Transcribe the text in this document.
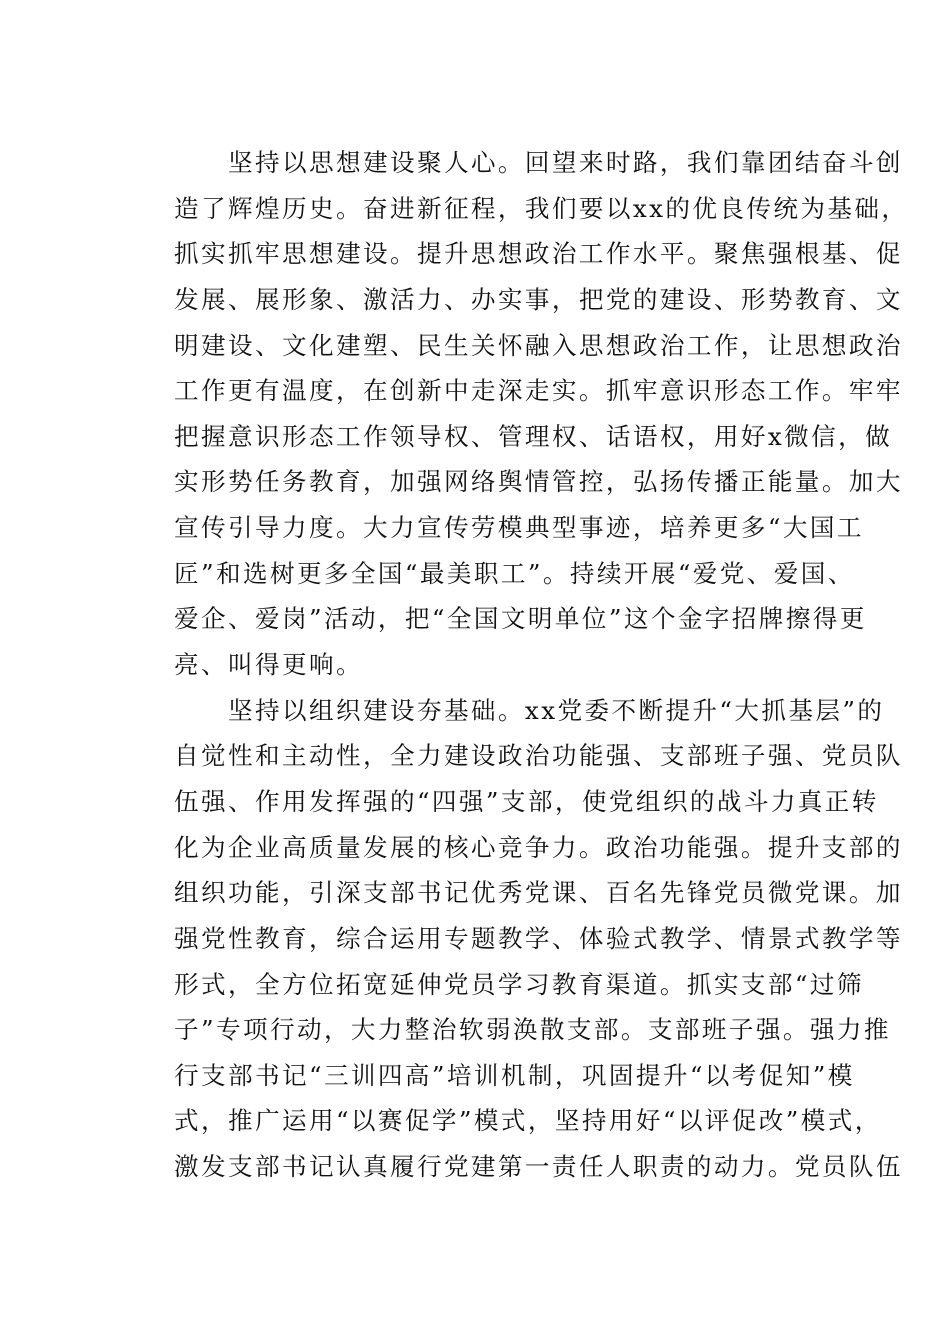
　　坚持以思想建设聚人心。回望来时路，我们靠团结奋斗创
造了辉煌历史。奋进新征程，我们要以xx的优良传统为基础，
抓实抓牢思想建设。提升思想政治工作水平。聚焦强根基、促
发展、展形象、激活力、办实事，把党的建设、形势教育、文
明建设、文化建塑、民生关怀融入思想政治工作，让思想政治
工作更有温度，在创新中走深走实。抓牢意识形态工作。牢牢
把握意识形态工作领导权、管理权、话语权，用好x微信，做
实形势任务教育，加强网络舆情管控，弘扬传播正能量。加大
宣传引导力度。大力宣传劳模典型事迹，培养更多“大国工
匠”和选树更多全国“最美职工”。持续开展“爱党、爱国、
爱企、爱岗”活动，把“全国文明单位”这个金字招牌擦得更
亮、叫得更响。
　　坚持以组织建设夯基础。xx党委不断提升“大抓基层”的
自觉性和主动性，全力建设政治功能强、支部班子强、党员队
伍强、作用发挥强的“四强”支部，使党组织的战斗力真正转
化为企业高质量发展的核心竞争力。政治功能强。提升支部的
组织功能，引深支部书记优秀党课、百名先锋党员微党课。加
强党性教育，综合运用专题教学、体验式教学、情景式教学等
形式，全方位拓宽延伸党员学习教育渠道。抓实支部“过筛
子”专项行动，大力整治软弱涣散支部。支部班子强。强力推
行支部书记“三训四高”培训机制，巩固提升“以考促知”模
式，推广运用“以赛促学”模式，坚持用好“以评促改”模式，
激发支部书记认真履行党建第一责任人职责的动力。党员队伍
